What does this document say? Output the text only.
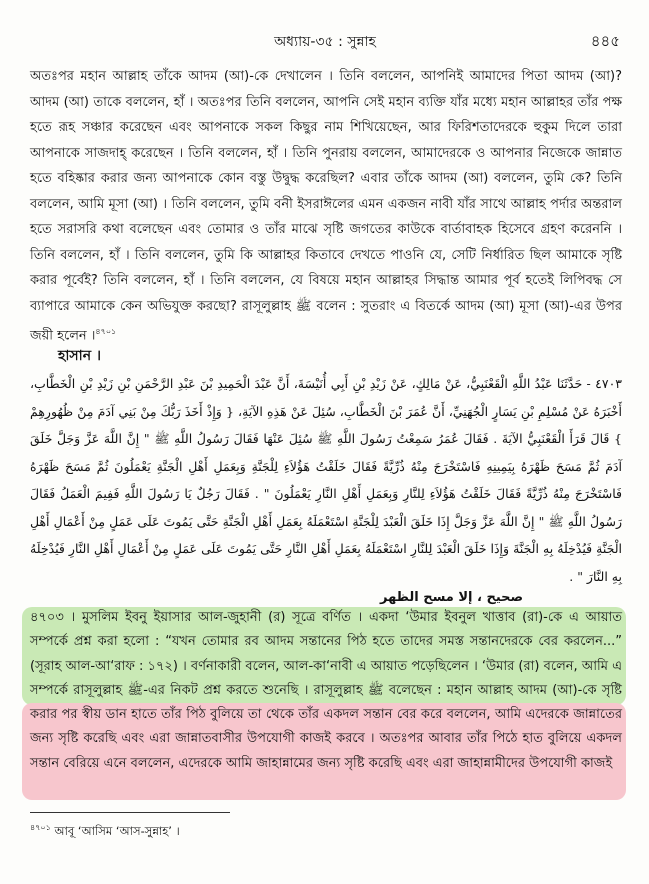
অধ্যায়-৩৫ : সুন্নাহ	৪৪৫

অতঃপর মহান আল্লাহ তাঁকে আদম (আ)-কে দেখালেন । তিনি বললেন, আপনিই আমাদের পিতা আদম (আ)? আদম (আ) তাকে বললেন, হাঁ । অতঃপর তিনি বললেন, আপনি সেই মহান ব্যক্তি যাঁর মধ্যে মহান আল্লাহর তাঁর পক্ষ হতে রূহ সঞ্চার করেছেন এবং আপনাকে সকল কিছুর নাম শিখিয়েছেন, আর ফিরিশতাদেরকে হুকুম দিলে তারা আপনাকে সাজদাহ্ করেছেন । তিনি বললেন, হাঁ । তিনি পুনরায় বললেন, আমাদেরকে ও আপনার নিজেকে জান্নাত হতে বহিষ্কার করার জন্য আপনাকে কোন বস্তু উদ্বুদ্ধ করেছিল? এবার তাঁকে আদম (আ) বললেন, তুমি কে? তিনি বললেন, আমি মূসা (আ) । তিনি বললেন, তুমি বনী ইসরাঈলের এমন একজন নাবী যাঁর সাথে আল্লাহ পর্দার অন্তরাল হতে সরাসরি কথা বলেছেন এবং তোমার ও তাঁর মাঝে সৃষ্টি জগতের কাউকে বার্তাবাহক হিসেবে গ্রহণ করেননি । তিনি বললেন, হাঁ । তিনি বললেন, তুমি কি আল্লাহর কিতাবে দেখতে পাওনি যে, সেটি নির্ধারিত ছিল আমাকে সৃষ্টি করার পূর্বেই? তিনি বললেন, হাঁ । তিনি বললেন, যে বিষয়ে মহান আল্লাহর সিদ্ধান্ত আমার পূর্ব হতেই লিপিবদ্ধ সে ব্যাপারে আমাকে কেন অভিযুক্ত করছো? রাসূলুল্লাহ ﷺ বলেন : সুতরাং এ বিতর্কে আদম (আ) মূসা (আ)-এর উপর জয়ী হলেন ।$^{৪৭০১}$

হাসান ।

٤٧٠٣ - حَدَّثَنَا عَبْدُ اللَّهِ الْقَعْنَبِيُّ، عَنْ مَالِكٍ، عَنْ زَيْدِ بْنِ أَبِي أُنَيْسَةَ، أَنَّ عَبْدَ الْحَمِيدِ بْنَ عَبْدِ الرَّحْمَنِ بْنِ زَيْدِ بْنِ الْخَطَّابِ، أَخْبَرَهُ عَنْ مُسْلِمِ بْنِ يَسَارٍ الْجُهَنِيِّ، أَنَّ عُمَرَ بْنَ الْخَطَّابِ، سُئِلَ عَنْ هَذِهِ الآيَةِ، { وَإِذْ أَخَذَ رَبُّكَ مِنْ بَنِي آدَمَ مِنْ ظُهُورِهِمْ } قَالَ قَرَأَ الْقَعْنَبِيُّ الآيَةَ . فَقَالَ عُمَرُ سَمِعْتُ رَسُولَ اللَّهِ ﷺ سُئِلَ عَنْهَا فَقَالَ رَسُولُ اللَّهِ ﷺ " إِنَّ اللَّهَ عَزَّ وَجَلَّ خَلَقَ آدَمَ ثُمَّ مَسَحَ ظَهْرَهُ بِيَمِينِهِ فَاسْتَخْرَجَ مِنْهُ ذُرِّيَّةً فَقَالَ خَلَقْتُ هَؤُلاَءِ لِلْجَنَّةِ وَبِعَمَلِ أَهْلِ الْجَنَّةِ يَعْمَلُونَ ثُمَّ مَسَحَ ظَهْرَهُ فَاسْتَخْرَجَ مِنْهُ ذُرِّيَّةً فَقَالَ خَلَقْتُ هَؤُلاَءِ لِلنَّارِ وَبِعَمَلِ أَهْلِ النَّارِ يَعْمَلُونَ " . فَقَالَ رَجُلٌ يَا رَسُولَ اللَّهِ فَفِيمَ الْعَمَلُ فَقَالَ رَسُولُ اللَّهِ ﷺ " إِنَّ اللَّهَ عَزَّ وَجَلَّ إِذَا خَلَقَ الْعَبْدَ لِلْجَنَّةِ اسْتَعْمَلَهُ بِعَمَلِ أَهْلِ الْجَنَّةِ حَتَّى يَمُوتَ عَلَى عَمَلٍ مِنْ أَعْمَالِ أَهْلِ الْجَنَّةِ فَيُدْخِلَهُ بِهِ الْجَنَّةَ وَإِذَا خَلَقَ الْعَبْدَ لِلنَّارِ اسْتَعْمَلَهُ بِعَمَلِ أَهْلِ النَّارِ حَتَّى يَمُوتَ عَلَى عَمَلٍ مِنْ أَعْمَالِ أَهْلِ النَّارِ فَيُدْخِلَهُ بِهِ النَّارَ " .

صحيح ، إلا مسح الظهر

৪৭০৩ । মুসলিম ইবনু ইয়াসার আল-জুহানী (র) সূত্রে বর্ণিত । একদা ‘উমার ইবনুল খাত্তাব (রা)-কে এ আয়াত সম্পর্কে প্রশ্ন করা হলো : “যখন তোমার রব আদম সন্তানের পিঠ হতে তাদের সমস্ত সন্তানদেরকে বের করলেন...” (সূরাহ আল-আ‘রাফ : ১৭২) । বর্ণনাকারী বলেন, আল-কা‘নাবী এ আয়াত পড়েছিলেন । ‘উমার (রা) বলেন, আমি এ সম্পর্কে রাসূলুল্লাহ ﷺ-এর নিকট প্রশ্ন করতে শুনেছি । রাসূলুল্লাহ ﷺ বলেছেন : মহান আল্লাহ আদম (আ)-কে সৃষ্টি করার পর স্বীয় ডান হাতে তাঁর পিঠ বুলিয়ে তা থেকে তাঁর একদল সন্তান বের করে বললেন, আমি এদেরকে জান্নাতের জন্য সৃষ্টি করেছি এবং এরা জান্নাতবাসীর উপযোগী কাজই করবে । অতঃপর আবার তাঁর পিঠে হাত বুলিয়ে একদল সন্তান বেরিয়ে এনে বললেন, এদেরকে আমি জাহান্নামের জন্য সৃষ্টি করেছি এবং এরা জাহান্নামীদের উপযোগী কাজই

$^{৪৭০১}$ আবূ ‘আসিম ‘আস-সুন্নাহ’ ।
